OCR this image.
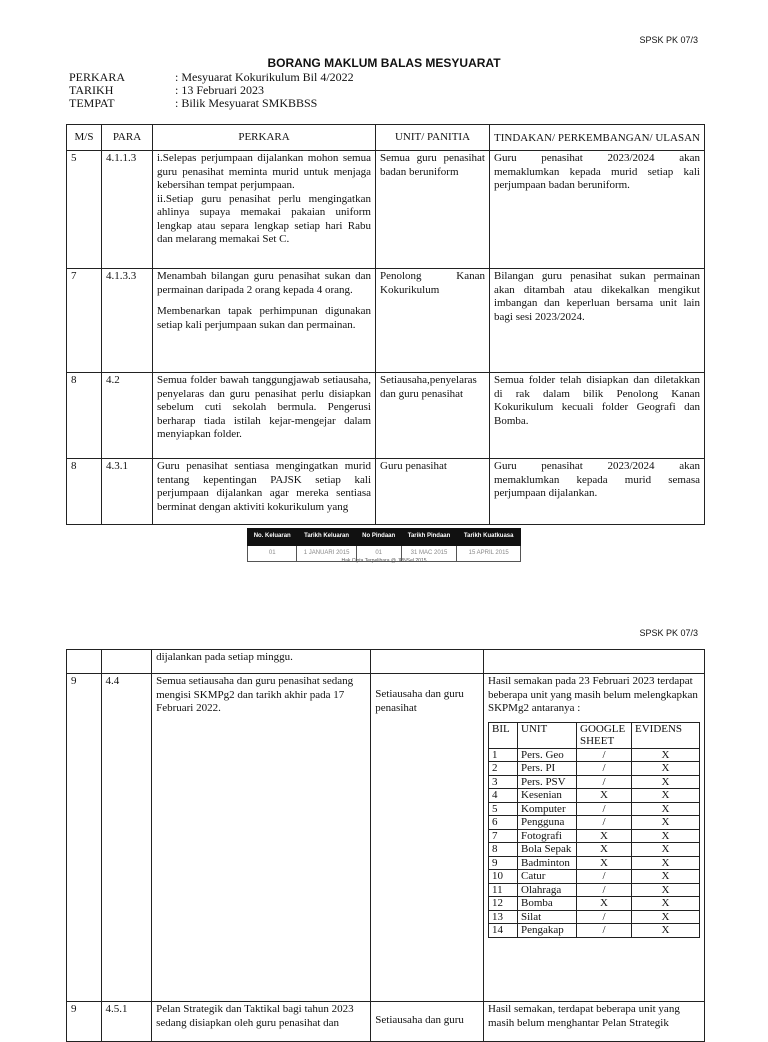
SPSK PK 07/3
BORANG MAKLUM BALAS MESYUARAT
PERKARA	: Mesyuarat Kokurikulum Bil 4/2022
TARIKH	: 13 Februari 2023
TEMPAT	: Bilik Mesyuarat SMKBBSS
M/S	PARA	PERKARA	UNIT/ PANITIA	TINDAKAN/ PERKEMBANGAN/ ULASAN
5	4.1.1.3	i.Selepas perjumpaan dijalankan mohon semua guru penasihat meminta murid untuk menjaga kebersihan tempat perjumpaan.
ii.Setiap guru penasihat perlu mengingatkan ahlinya supaya memakai pakaian uniform lengkap atau separa lengkap setiap hari Rabu dan melarang memakai Set C.	Semua guru penasihat badan beruniform	Guru penasihat 2023/2024 akan memaklumkan kepada murid setiap kali perjumpaan badan beruniform.
7	4.1.3.3	Menambah bilangan guru penasihat sukan dan permainan daripada 2 orang kepada 4 orang.
Membenarkan tapak perhimpunan digunakan setiap kali perjumpaan sukan dan permainan.	Penolong Kanan Kokurikulum	Bilangan guru penasihat sukan permainan akan ditambah atau dikekalkan mengikut imbangan dan keperluan bersama unit lain bagi sesi 2023/2024.
8	4.2	Semua folder bawah tanggungjawab setiausaha, penyelaras dan guru penasihat perlu disiapkan sebelum cuti sekolah bermula. Pengerusi berharap tiada istilah kejar-mengejar dalam menyiapkan folder.	Setiausaha,penyelaras dan guru penasihat	Semua folder telah disiapkan dan diletakkan di rak dalam bilik Penolong Kanan Kokurikulum kecuali folder Geografi dan Bomba.
8	4.3.1	Guru penasihat sentiasa mengingatkan murid tentang kepentingan PAJSK setiap kali perjumpaan dijalankan agar mereka sentiasa berminat dengan aktiviti kokurikulum yang	Guru penasihat	Guru penasihat 2023/2024 akan memaklumkan kepada murid semasa perjumpaan dijalankan.
No. Keluaran	Tarikh Keluaran	No Pindaan	Tarikh Pindaan	Tarikh Kuatkuasa
01	1 JANUARI 2015	01	31 MAC 2015	15 APRIL 2015
Hak Cipta Terpelihara @ JPNSel 2015
SPSK PK 07/3
		dijalankan pada setiap minggu.		
9	4.4	Semua setiausaha dan guru penasihat sedang mengisi SKMPg2 dan tarikh akhir pada 17 Februari 2022.	Setiausaha dan guru penasihat	
Hasil semakan pada 23 Februari 2023 terdapat beberapa unit yang masih belum melengkapkan SKPMg2 antaranya :
BIL	UNIT	GOOGLE SHEET	EVIDENS
1	Pers. Geo	/	X
2	Pers. PI	/	X
3	Pers. PSV	/	X
4	Kesenian	X	X
5	Komputer	/	X
6	Pengguna	/	X
7	Fotografi	X	X
8	Bola Sepak	X	X
9	Badminton	X	X
10	Catur	/	X
11	Olahraga	/	X
12	Bomba	X	X
13	Silat	/	X
14	Pengakap	/	X

9	4.5.1	Pelan Strategik dan Taktikal bagi tahun 2023 sedang disiapkan oleh guru penasihat dan	Setiausaha dan guru	Hasil semakan, terdapat beberapa unit yang masih belum menghantar Pelan Strategik
